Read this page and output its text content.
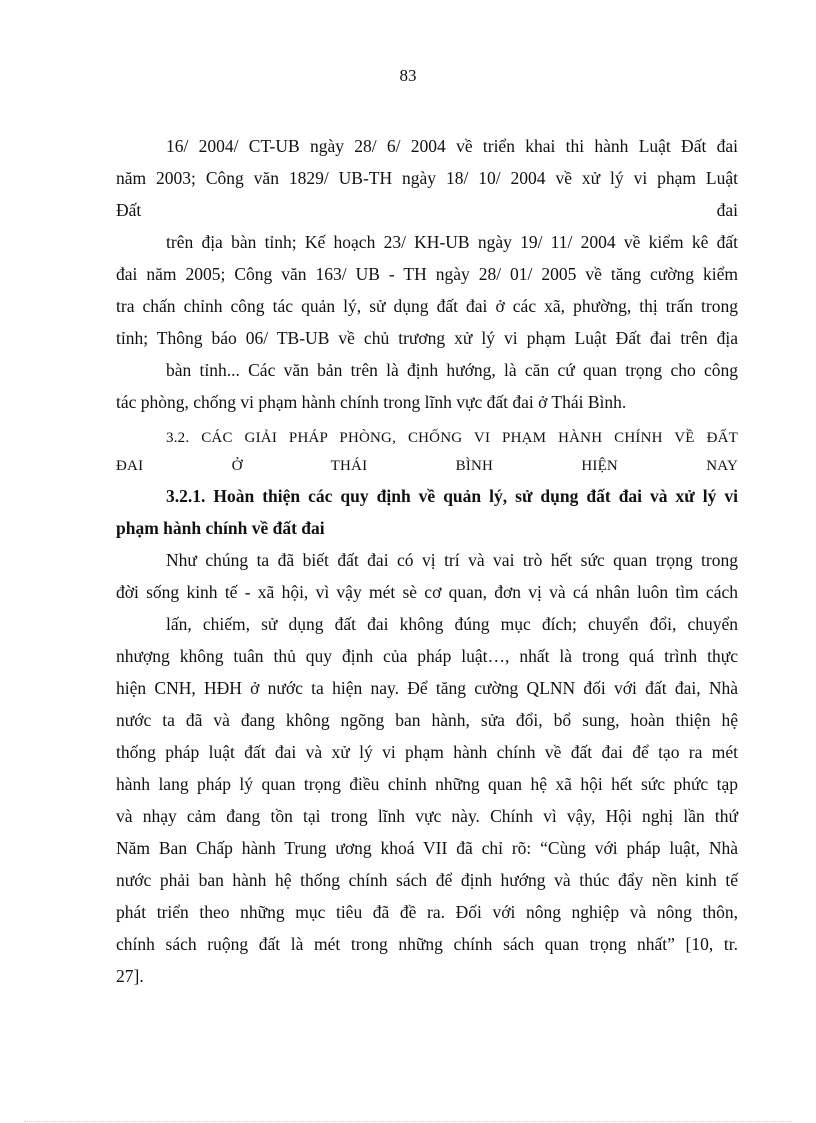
83
16/ 2004/ CT-UB ngày 28/ 6/ 2004 về triển khai thi hành Luật Đất đai
năm 2003; Công văn 1829/ UB-TH ngày 18/ 10/ 2004 về xử lý vi phạm Luật
Đất đai
trên địa bàn tỉnh; Kế hoạch 23/ KH-UB ngày 19/ 11/ 2004 về kiểm kê đất
đai năm 2005; Công văn 163/ UB - TH ngày 28/ 01/ 2005 về tăng cường kiểm
tra chấn chỉnh công tác quản lý, sử dụng đất đai ở các xã, phường, thị trấn trong
tỉnh; Thông báo 06/ TB-UB về chủ trương xử lý vi phạm Luật Đất đai trên địa
bàn tỉnh... Các văn bản trên là định hướng, là căn cứ quan trọng cho công
tác phòng, chống vi phạm hành chính trong lĩnh vực đất đai ở Thái Bình.
3.2. CÁC GIẢI PHÁP PHÒNG, CHỐNG VI PHẠM HÀNH CHÍNH VỀ ĐẤT
ĐAI Ở THÁI BÌNH HIỆN NAY
3.2.1. Hoàn thiện các quy định về quản lý, sử dụng đất đai và xử lý vi
phạm hành chính về đất đai
Như chúng ta đã biết đất đai có vị trí và vai trò hết sức quan trọng trong
đời sống kinh tế - xã hội, vì vậy mét sè cơ quan, đơn vị và cá nhân luôn tìm cách
lấn, chiếm, sử dụng đất đai không đúng mục đích; chuyển đổi, chuyển
nhượng không tuân thủ quy định của pháp luật…, nhất là trong quá trình thực
hiện CNH, HĐH ở nước ta hiện nay. Để tăng cường QLNN đối với đất đai, Nhà
nước ta đã và đang không ngõng ban hành, sửa đổi, bổ sung, hoàn thiện hệ
thống pháp luật đất đai và xử lý vi phạm hành chính về đất đai để tạo ra mét
hành lang pháp lý quan trọng điều chỉnh những quan hệ xã hội hết sức phức tạp
và nhạy cảm đang tồn tại trong lĩnh vực này. Chính vì vậy, Hội nghị lần thứ
Năm Ban Chấp hành Trung ương khoá VII đã chỉ rõ: “Cùng với pháp luật, Nhà
nước phải ban hành hệ thống chính sách để định hướng và thúc đẩy nền kinh tế
phát triển theo những mục tiêu đã đề ra. Đối với nông nghiệp và nông thôn,
chính sách ruộng đất là mét trong những chính sách quan trọng nhất” [10, tr.
27].
